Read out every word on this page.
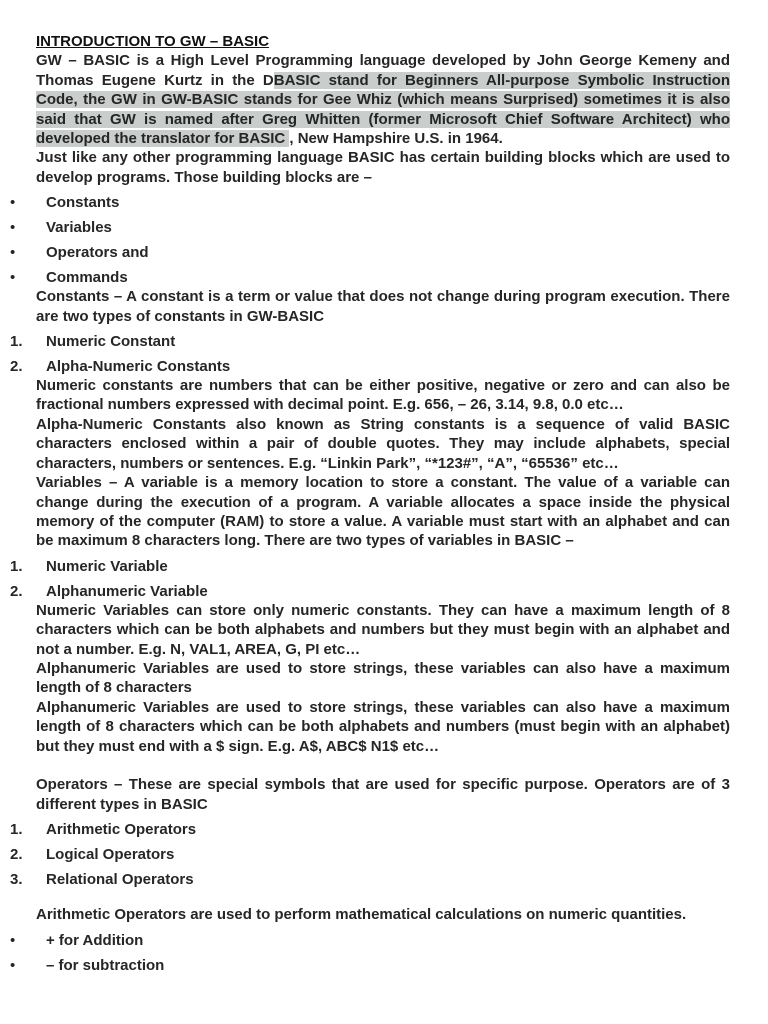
INTRODUCTION TO GW – BASIC

GW – BASIC is a High Level Programming language developed by John George Kemeny and Thomas Eugene Kurtz in the DBASIC stand for Beginners All-purpose Symbolic Instruction Code, the GW in GW-BASIC stands for Gee Whiz (which means Surprised) sometimes it is also said that GW is named after Greg Whitten (former Microsoft Chief Software Architect) who developed the translator for BASIC , New Hampshire U.S. in 1964.

Just like any other programming language BASIC has certain building blocks which are used to develop programs. Those building blocks are –

•	Constants
•	Variables
•	Operators and
•	Commands

Constants – A constant is a term or value that does not change during program execution. There are two types of constants in GW-BASIC

1.	Numeric Constant
2.	Alpha-Numeric Constants

Numeric constants are numbers that can be either positive, negative or zero and can also be fractional numbers expressed with decimal point. E.g. 656, – 26, 3.14, 9.8, 0.0 etc…

Alpha-Numeric Constants also known as String constants is a sequence of valid BASIC characters enclosed within a pair of double quotes. They may include alphabets, special characters, numbers or sentences. E.g. “Linkin Park”, “*123#”, “A”, “65536” etc…

Variables – A variable is a memory location to store a constant. The value of a variable can change during the execution of a program. A variable allocates a space inside the physical memory of the computer (RAM) to store a value. A variable must start with an alphabet and can be maximum 8 characters long. There are two types of variables in BASIC –

1.	Numeric Variable
2.	Alphanumeric Variable

Numeric Variables can store only numeric constants. They can have a maximum length of 8 characters which can be both alphabets and numbers but they must begin with an alphabet and not a number. E.g. N, VAL1, AREA, G, PI etc…

Alphanumeric Variables are used to store strings, these variables can also have a maximum length of 8 characters

Alphanumeric Variables are used to store strings, these variables can also have a maximum length of 8 characters which can be both alphabets and numbers (must begin with an alphabet) but they must end with a $ sign. E.g. A$, ABC$ N1$ etc…

Operators – These are special symbols that are used for specific purpose. Operators are of 3 different types in BASIC

1.	Arithmetic Operators
2.	Logical Operators
3.	Relational Operators

Arithmetic Operators are used to perform mathematical calculations on numeric quantities.

•	+ for Addition
•	– for subtraction
